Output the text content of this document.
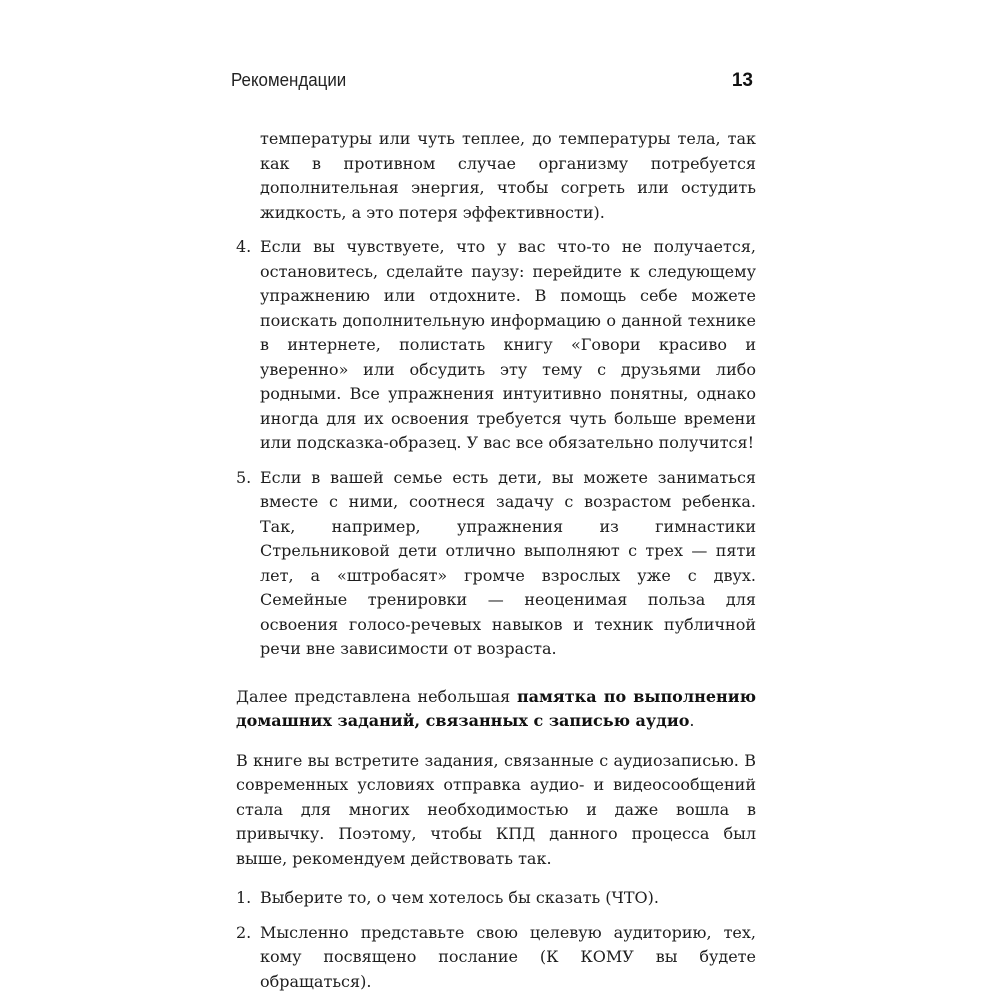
Рекомендации	13

температуры или чуть теплее, до температуры тела, так как в противном случае организму потребуется дополнительная энергия, чтобы согреть или остудить жидкость, а это потеря эффективности).

4. Если вы чувствуете, что у вас что-то не получается, остановитесь, сделайте паузу: перейдите к следующему упражнению или отдохните. В помощь себе можете поискать дополнительную информацию о данной технике в интернете, полистать книгу «Говори красиво и уверенно» или обсудить эту тему с друзьями либо родными. Все упражнения интуитивно понятны, однако иногда для их освоения требуется чуть больше времени или подсказка-образец. У вас все обязательно получится!
5. Если в вашей семье есть дети, вы можете заниматься вместе с ними, соотнеся задачу с возрастом ребенка. Так, например, упражнения из гимнастики Стрельниковой дети отлично выполняют с трех — пяти лет, а «штробасят» громче взрослых уже с двух. Семейные тренировки — неоценимая польза для освоения голосо-речевых навыков и техник публичной речи вне зависимости от возраста.

Далее представлена небольшая памятка по выполнению домашних заданий, связанных с записью аудио.

В книге вы встретите задания, связанные с аудиозаписью. В современных условиях отправка аудио- и видеосообщений стала для многих необходимостью и даже вошла в привычку. Поэтому, чтобы КПД данного процесса был выше, рекомендуем действовать так.

1. Выберите то, о чем хотелось бы сказать (ЧТО).
2. Мысленно представьте свою целевую аудиторию, тех, кому посвящено послание (К КОМУ вы будете обращаться).
